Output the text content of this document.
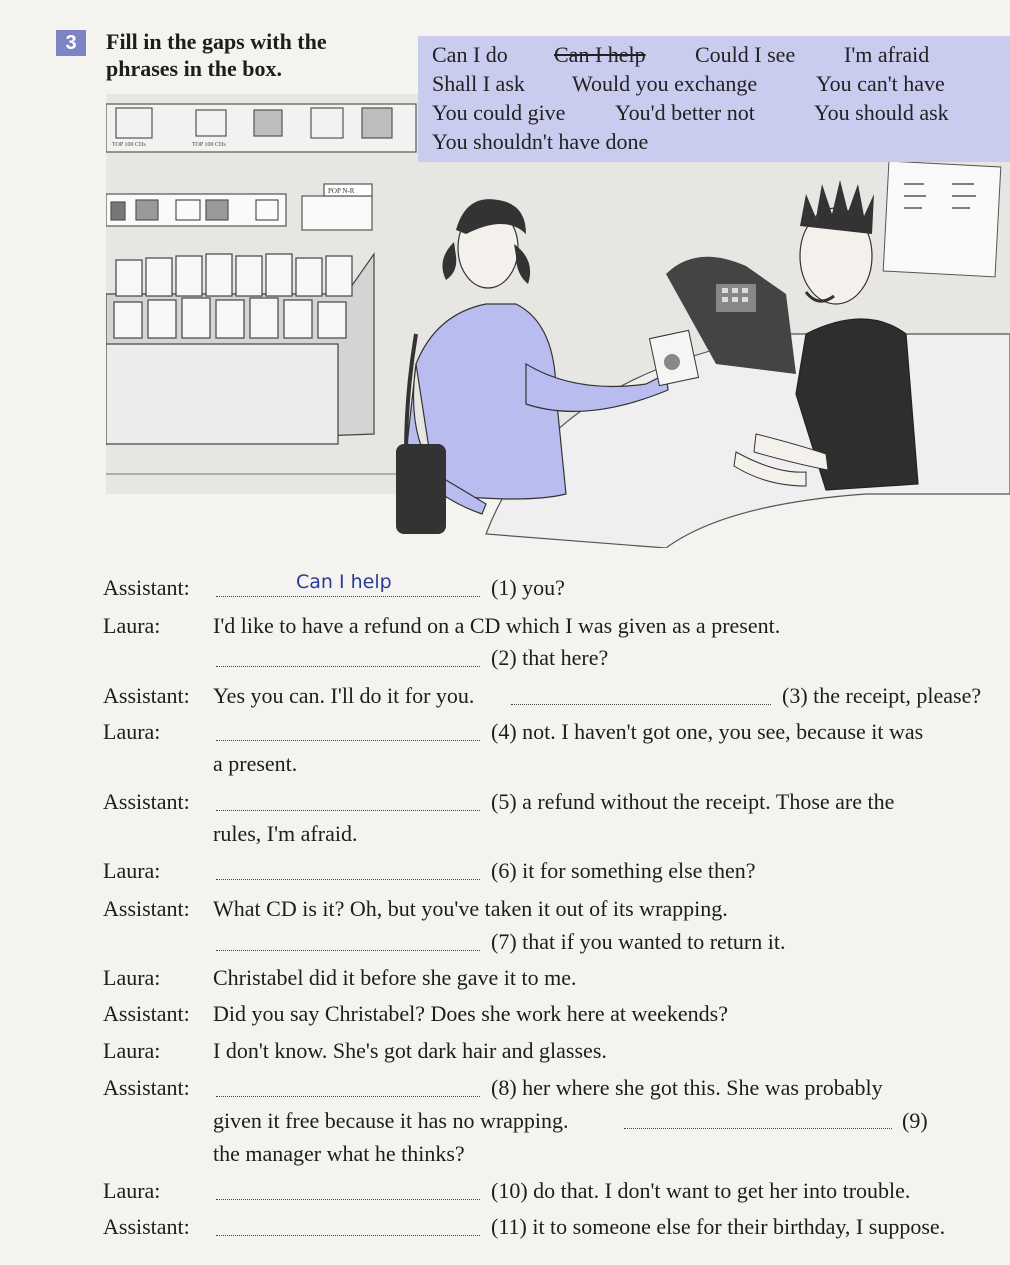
3	Fill in the gaps with the
phrases in the box.
TOP 100 CDs	TOP 100 CDs
POP N-R
Can I do Can I help Could I see I'm afraid
Shall I ask Would you exchange	You can't have
You could give You'd better not	You should ask
You shouldn't have done
Assistant:	Can I help	(1) you?
Laura: I'd like to have a refund on a CD which I was given as a present.
(2) that here?
Assistant: Yes you can. I'll do it for you.	(3) the receipt, please?
Laura:	(4) not. I haven't got one, you see, because it was
a present.
Assistant:	(5) a refund without the receipt. Those are the
rules, I'm afraid.
Laura:	(6) it for something else then?
Assistant: What CD is it? Oh, but you've taken it out of its wrapping.
(7) that if you wanted to return it.
Laura: Christabel did it before she gave it to me.
Assistant: Did you say Christabel? Does she work here at weekends?
Laura: I don't know. She's got dark hair and glasses.
Assistant:	(8) her where she got this. She was probably
given it free because it has no wrapping.	(9)
the manager what he thinks?
Laura:	(10) do that. I don't want to get her into trouble.
Assistant:	(11) it to someone else for their birthday, I suppose.
